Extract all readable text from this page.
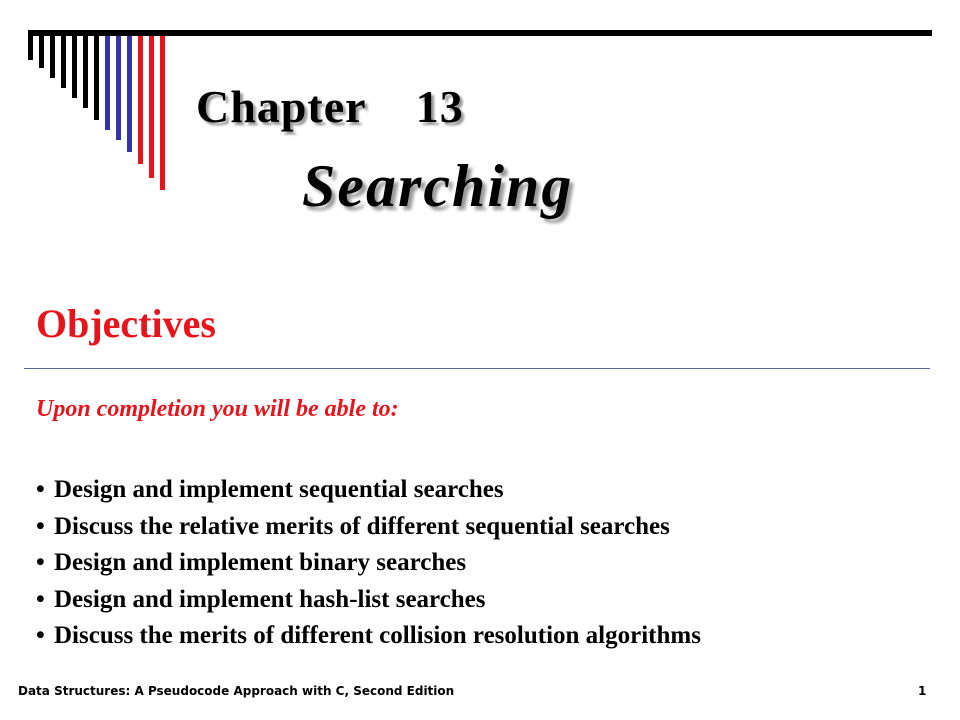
Chapter    13
Searching
Objectives
Upon completion you will be able to:
• Design and implement sequential searches
• Discuss the relative merits of different sequential searches
• Design and implement binary searches
• Design and implement hash-list searches
• Discuss the merits of different collision resolution algorithms
Data Structures: A Pseudocode Approach with C, Second Edition	1
